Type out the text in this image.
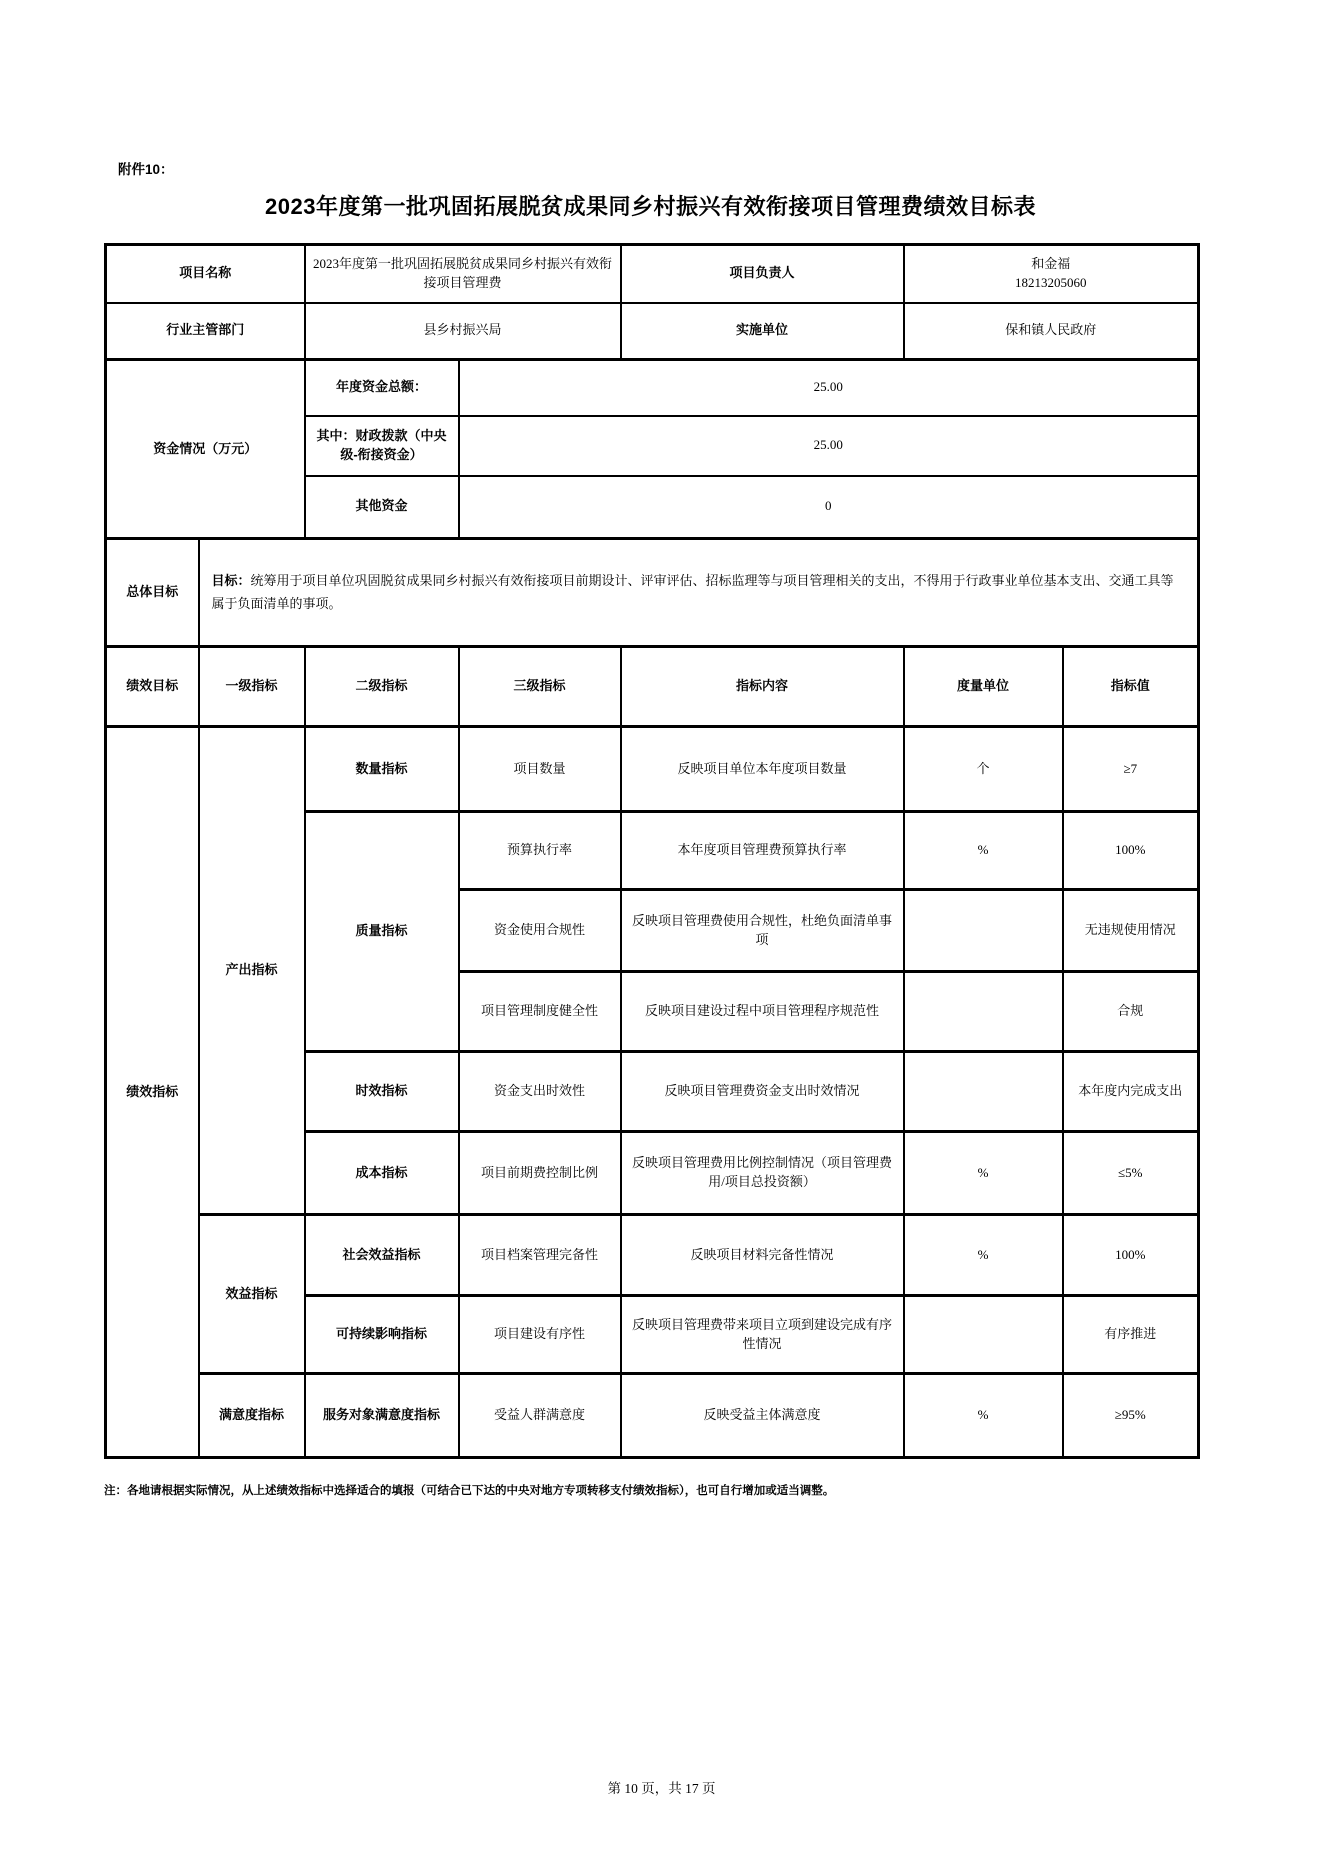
附件10：
2023年度第一批巩固拓展脱贫成果同乡村振兴有效衔接项目管理费绩效目标表
项目名称		2023年度第一批巩固拓展脱贫成果同乡村振兴有效衔接项目管理费		项目负责人	和金福
18213205060	

行业主管部门		县乡村振兴局		实施单位	保和镇人民政府	
资金情况（万元）		年度资金总额：	25.00			
		其中：财政拨款（中央级-衔接资金）	25.00			
		其他资金	0			
总体目标	目标：统筹用于项目单位巩固脱贫成果同乡村振兴有效衔接项目前期设计、评审评估、招标监理等与项目管理相关的支出，不得用于行政事业单位基本支出、交通工具等属于负面清单的事项。					
绩效目标	一级指标	二级指标	三级指标	指标内容	度量单位	指标值
绩效指标	产出指标	数量指标	项目数量	反映项目单位本年度项目数量	个	≥7
		质量指标	预算执行率	本年度项目管理费预算执行率	%	100%
			资金使用合规性	反映项目管理费使用合规性，杜绝负面清单事项		无违规使用情况
			项目管理制度健全性	反映项目建设过程中项目管理程序规范性		合规
		时效指标	资金支出时效性	反映项目管理费资金支出时效情况		本年度内完成支出
		成本指标	项目前期费控制比例	反映项目管理费用比例控制情况（项目管理费用/项目总投资额）	%	≤5%
	效益指标	社会效益指标	项目档案管理完备性	反映项目材料完备性情况	%	100%
		可持续影响指标	项目建设有序性	反映项目管理费带来项目立项到建设完成有序性情况		有序推进
	满意度指标	服务对象满意度指标	受益人群满意度	反映受益主体满意度	%	≥95%
注：各地请根据实际情况，从上述绩效指标中选择适合的填报（可结合已下达的中央对地方专项转移支付绩效指标），也可自行增加或适当调整。
第 10 页，共 17 页
